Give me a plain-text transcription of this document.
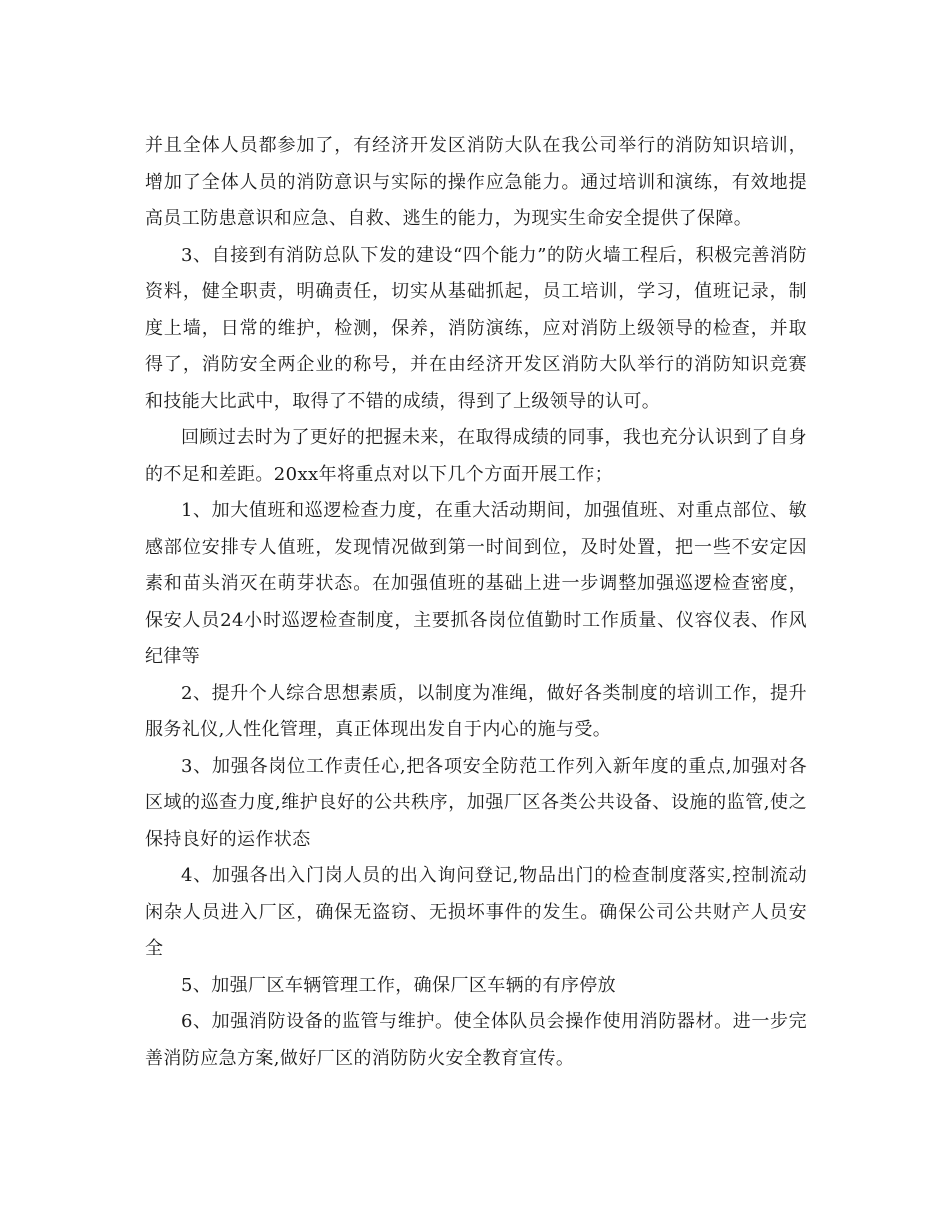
并且全体人员都参加了，有经济开发区消防大队在我公司举行的消防知识培训，增加了全体人员的消防意识与实际的操作应急能力。通过培训和演练，有效地提高员工防患意识和应急、自救、逃生的能力，为现实生命安全提供了保障。

3、自接到有消防总队下发的建设“四个能力”的防火墙工程后，积极完善消防资料，健全职责，明确责任，切实从基础抓起，员工培训，学习，值班记录，制度上墙，日常的维护，检测，保养，消防演练，应对消防上级领导的检查，并取得了，消防安全两企业的称号，并在由经济开发区消防大队举行的消防知识竞赛和技能大比武中，取得了不错的成绩，得到了上级领导的认可。

回顾过去时为了更好的把握未来，在取得成绩的同事，我也充分认识到了自身的不足和差距。20xx年将重点对以下几个方面开展工作；

1、加大值班和巡逻检查力度，在重大活动期间，加强值班、对重点部位、敏感部位安排专人值班，发现情况做到第一时间到位，及时处置，把一些不安定因素和苗头消灭在萌芽状态。在加强值班的基础上进一步调整加强巡逻检查密度，保安人员24小时巡逻检查制度，主要抓各岗位值勤时工作质量、仪容仪表、作风纪律等

2、提升个人综合思想素质，以制度为准绳，做好各类制度的培训工作，提升服务礼仪,人性化管理，真正体现出发自于内心的施与受。

3、加强各岗位工作责任心,把各项安全防范工作列入新年度的重点,加强对各区域的巡查力度,维护良好的公共秩序，加强厂区各类公共设备、设施的监管,使之保持良好的运作状态

4、加强各出入门岗人员的出入询问登记,物品出门的检查制度落实,控制流动闲杂人员进入厂区，确保无盗窃、无损坏事件的发生。确保公司公共财产人员安全

5、加强厂区车辆管理工作，确保厂区车辆的有序停放

6、加强消防设备的监管与维护。使全体队员会操作使用消防器材。进一步完善消防应急方案,做好厂区的消防防火安全教育宣传。
